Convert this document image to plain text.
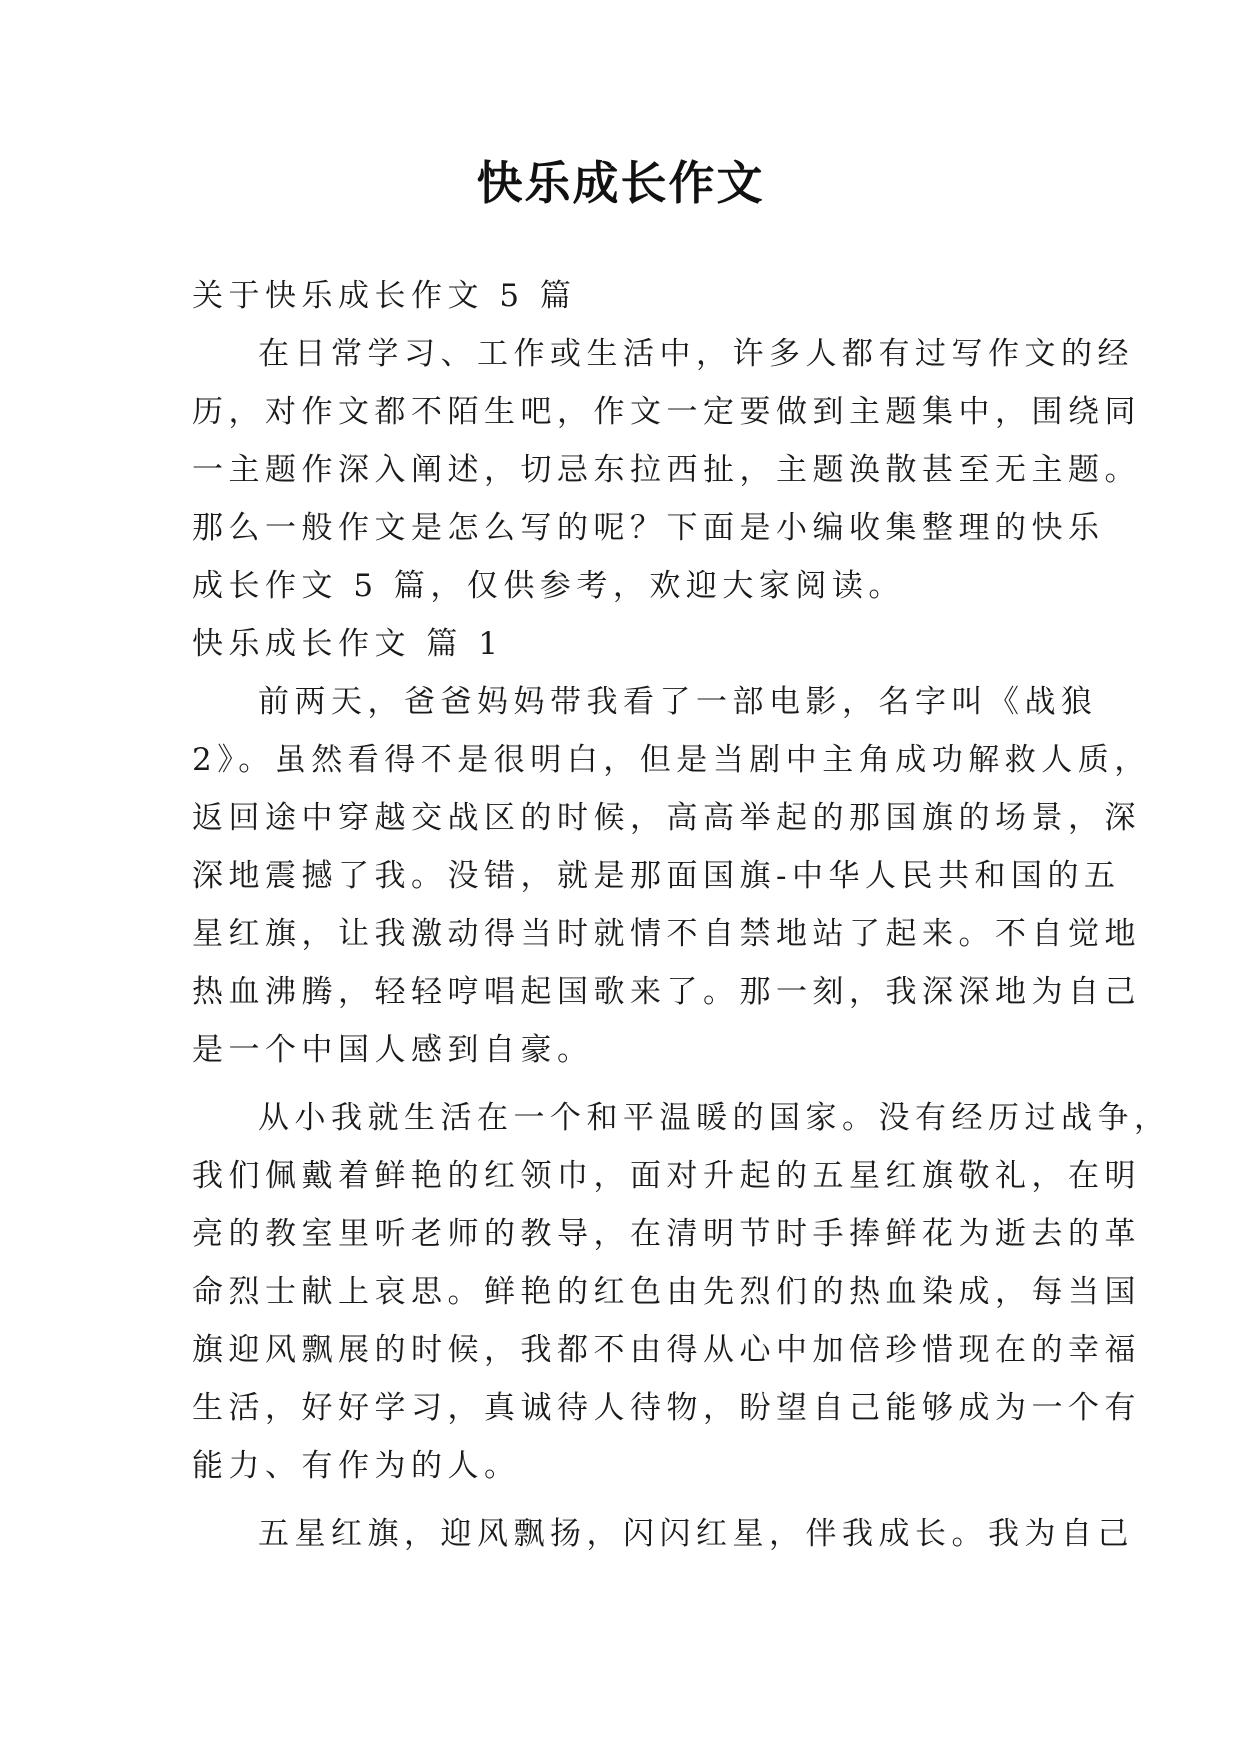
快乐成长作文
关于快乐成长作文 5 篇
在日常学习、工作或生活中，许多人都有过写作文的经
历，对作文都不陌生吧，作文一定要做到主题集中，围绕同
一主题作深入阐述，切忌东拉西扯，主题涣散甚至无主题。
那么一般作文是怎么写的呢？下面是小编收集整理的快乐
成长作文 5 篇，仅供参考，欢迎大家阅读。
快乐成长作文 篇 1
前两天，爸爸妈妈带我看了一部电影，名字叫《战狼
2》。虽然看得不是很明白，但是当剧中主角成功解救人质，
返回途中穿越交战区的时候，高高举起的那国旗的场景，深
深地震撼了我。没错，就是那面国旗-中华人民共和国的五
星红旗，让我激动得当时就情不自禁地站了起来。不自觉地
热血沸腾，轻轻哼唱起国歌来了。那一刻，我深深地为自己
是一个中国人感到自豪。
从小我就生活在一个和平温暖的国家。没有经历过战争，
我们佩戴着鲜艳的红领巾，面对升起的五星红旗敬礼，在明
亮的教室里听老师的教导，在清明节时手捧鲜花为逝去的革
命烈士献上哀思。鲜艳的红色由先烈们的热血染成，每当国
旗迎风飘展的时候，我都不由得从心中加倍珍惜现在的幸福
生活，好好学习，真诚待人待物，盼望自己能够成为一个有
能力、有作为的人。
五星红旗，迎风飘扬，闪闪红星，伴我成长。我为自己
